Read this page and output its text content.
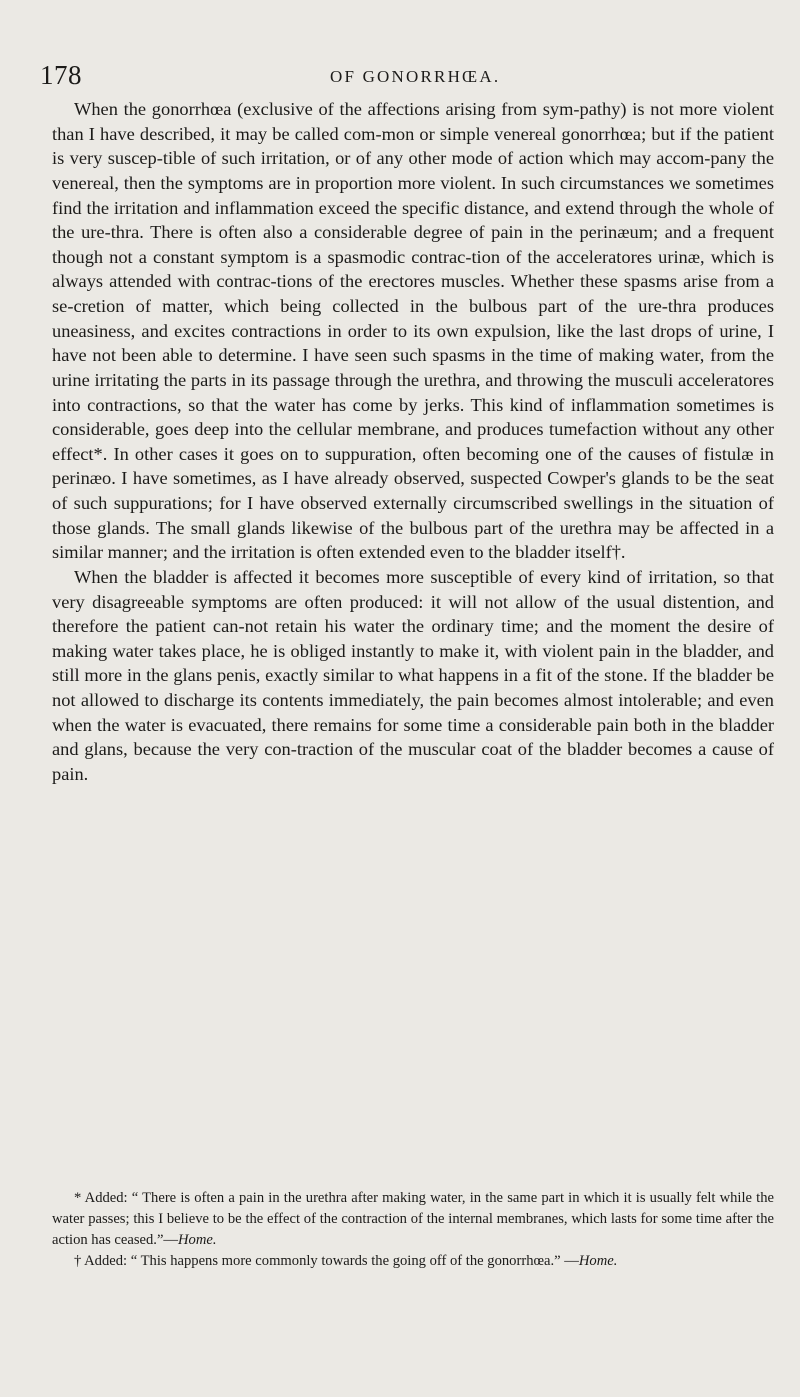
178	OF GONORRHŒA.

When the gonorrhœa (exclusive of the affections arising from sym-pathy) is not more violent than I have described, it may be called com-mon or simple venereal gonorrhœa; but if the patient is very suscep-tible of such irritation, or of any other mode of action which may accom-pany the venereal, then the symptoms are in proportion more violent. In such circumstances we sometimes find the irritation and inflammation exceed the specific distance, and extend through the whole of the ure-thra. There is often also a considerable degree of pain in the perinæum; and a frequent though not a constant symptom is a spasmodic contrac-tion of the acceleratores urinæ, which is always attended with contrac-tions of the erectores muscles. Whether these spasms arise from a se-cretion of matter, which being collected in the bulbous part of the ure-thra produces uneasiness, and excites contractions in order to its own expulsion, like the last drops of urine, I have not been able to determine. I have seen such spasms in the time of making water, from the urine irritating the parts in its passage through the urethra, and throwing the musculi acceleratores into contractions, so that the water has come by jerks. This kind of inflammation sometimes is considerable, goes deep into the cellular membrane, and produces tumefaction without any other effect*. In other cases it goes on to suppuration, often becoming one of the causes of fistulæ in perinæo. I have sometimes, as I have already observed, suspected Cowper's glands to be the seat of such suppurations; for I have observed externally circumscribed swellings in the situation of those glands. The small glands likewise of the bulbous part of the urethra may be affected in a similar manner; and the irritation is often extended even to the bladder itself†.

When the bladder is affected it becomes more susceptible of every kind of irritation, so that very disagreeable symptoms are often produced: it will not allow of the usual distention, and therefore the patient can-not retain his water the ordinary time; and the moment the desire of making water takes place, he is obliged instantly to make it, with violent pain in the bladder, and still more in the glans penis, exactly similar to what happens in a fit of the stone. If the bladder be not allowed to discharge its contents immediately, the pain becomes almost intolerable; and even when the water is evacuated, there remains for some time a considerable pain both in the bladder and glans, because the very con-traction of the muscular coat of the bladder becomes a cause of pain.

* Added: “ There is often a pain in the urethra after making water, in the same part in which it is usually felt while the water passes; this I believe to be the effect of the contraction of the internal membranes, which lasts for some time after the action has ceased.”—Home.

† Added: “ This happens more commonly towards the going off of the gonorrhœa.” —Home.
